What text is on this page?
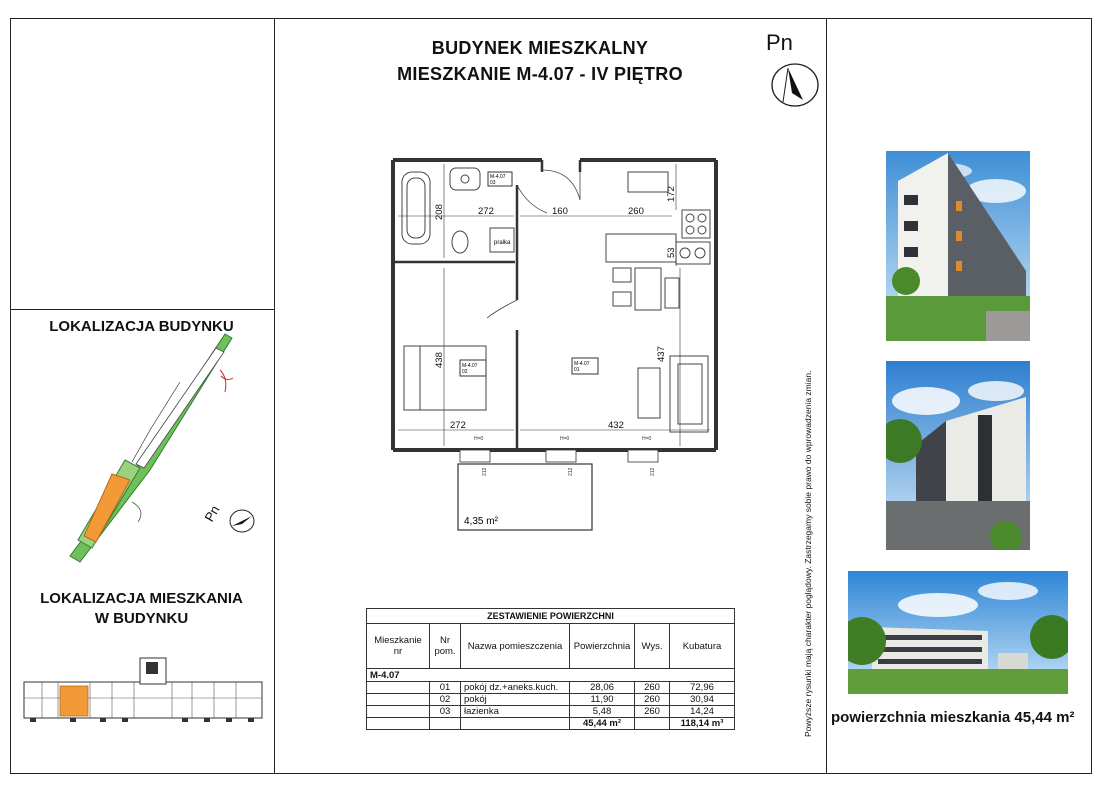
BUDYNEK MIESZKALNY
MIESZKANIE M-4.07 - IV PIĘTRO
Pn
LOKALIZACJA BUDYNKU
Pn
LOKALIZACJA MIESZKANIA
W BUDYNKU
pralka
M-4.07
03
M-4.07
01
M-4.07
02
272	160	260
208
172
53
438	437
272	432
H=0	H=0	H=0
212	212	212
4,35 m²
ZESTAWIENIE POWIERZCHNI					
Mieszkanie nr	Nr pom.	Nazwa pomieszczenia	Powierzchnia	Wys.	Kubatura
M-4.07					
	01	pokój dz.+aneks.kuch.	28,06	260	72,96
	02	pokój	11,90	260	30,94
	03	łazienka	5,48	260	14,24
			45,44 m²		118,14 m³	powierzchnia mieszkania 45,44 m²
Powyższe rysunki mają charakter poglądowy. Zastrzegamy sobie prawo do wprowadzenia zmian.
